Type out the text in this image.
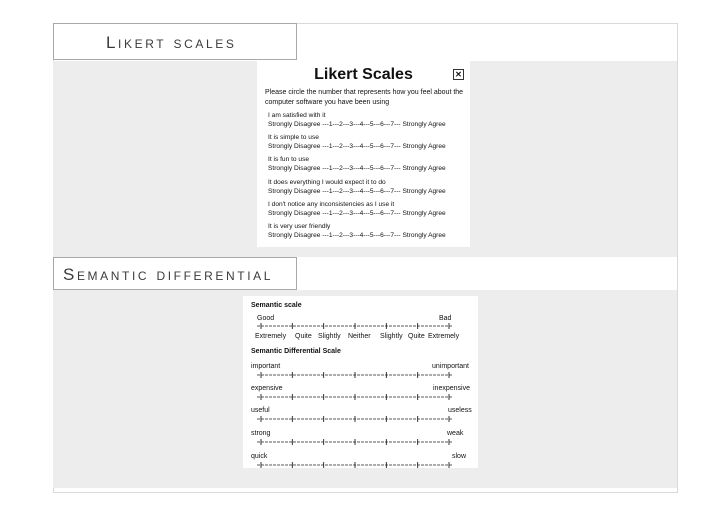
Likert scales
Likert Scales	✕
Please circle the number that represents how you feel about the computer software you have been using
I am satisfied with it
Strongly Disagree ---1---2---3---4---5---6---7--- Strongly Agree
It is simple to use
Strongly Disagree ---1---2---3---4---5---6---7--- Strongly Agree
It is fun to use
Strongly Disagree ---1---2---3---4---5---6---7--- Strongly Agree
It does everything I would expect it to do
Strongly Disagree ---1---2---3---4---5---6---7--- Strongly Agree
I don't notice any inconsistencies as I use it
Strongly Disagree ---1---2---3---4---5---6---7--- Strongly Agree
It is very user friendly
Strongly Disagree ---1---2---3---4---5---6---7--- Strongly Agree
Semantic differential
Semantic scale
Good	Bad
Extremely Quite Slightly Neither Slightly Quite Extremely
Semantic Differential Scale
important	unimportant
expensive	inexpensive
useful	useless
strong	weak
quick	slow
